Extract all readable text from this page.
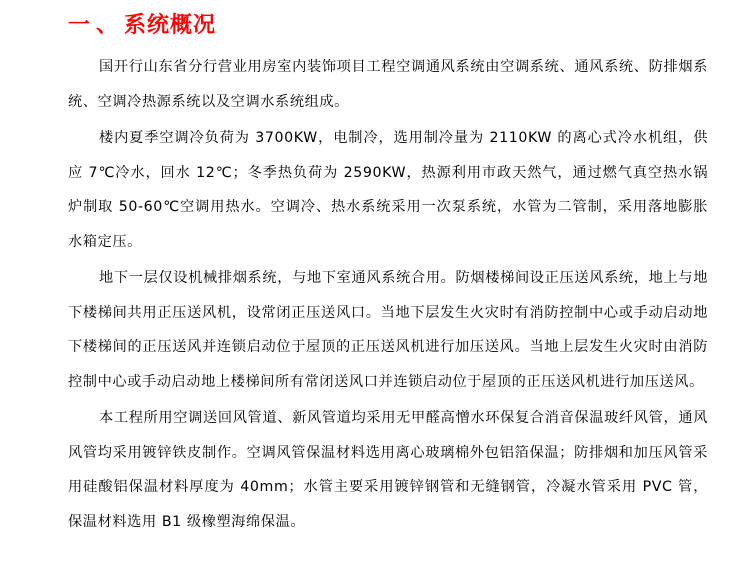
一、系统概况

国开行山东省分行营业用房室内装饰项目工程空调通风系统由空调系统、通风系统、防排烟系统、空调冷热源系统以及空调水系统组成。

楼内夏季空调冷负荷为 3700KW，电制冷，选用制冷量为 2110KW 的离心式冷水机组，供应 7℃冷水，回水 12℃；冬季热负荷为 2590KW，热源利用市政天然气，通过燃气真空热水锅炉制取 50-60℃空调用热水。空调冷、热水系统采用一次泵系统，水管为二管制，采用落地膨胀水箱定压。

地下一层仅设机械排烟系统，与地下室通风系统合用。防烟楼梯间设正压送风系统，地上与地下楼梯间共用正压送风机，设常闭正压送风口。当地下层发生火灾时有消防控制中心或手动启动地下楼梯间的正压送风并连锁启动位于屋顶的正压送风机进行加压送风。当地上层发生火灾时由消防控制中心或手动启动地上楼梯间所有常闭送风口并连锁启动位于屋顶的正压送风机进行加压送风。

本工程所用空调送回风管道、新风管道均采用无甲醛高憎水环保复合消音保温玻纤风管，通风风管均采用镀锌铁皮制作。空调风管保温材料选用离心玻璃棉外包铝箔保温；防排烟和加压风管采用硅酸铝保温材料厚度为 40mm；水管主要采用镀锌钢管和无缝钢管，冷凝水管采用 PVC 管，保温材料选用 B1 级橡塑海绵保温。
